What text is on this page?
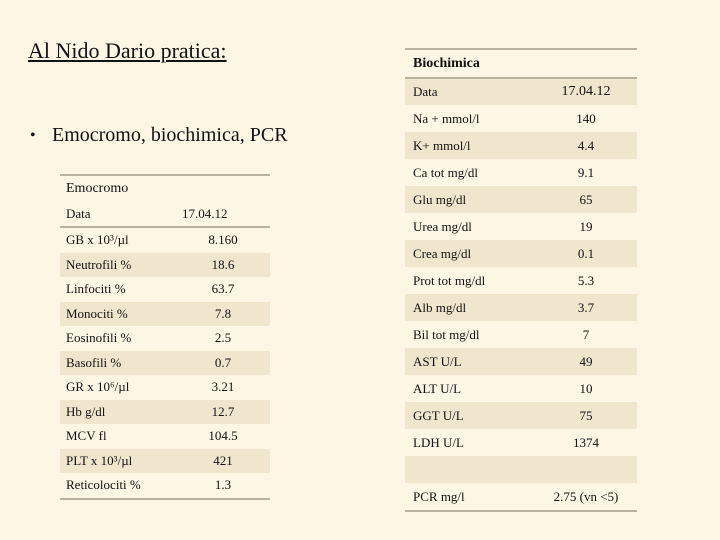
Al Nido Dario pratica:
• Emocromo, biochimica, PCR
Emocromo	
Data	17.04.12
GB x 10³/µl	8.160
Neutrofili %	18.6
Linfociti %	63.7
Monociti %	7.8
Eosinofili %	2.5
Basofili %	0.7
GR x 10⁶/µl	3.21
Hb g/dl	12.7
MCV fl	104.5
PLT x 10³/µl	421
Reticolociti %	1.3
Biochimica	
Data	17.04.12
Na + mmol/l	140
K+ mmol/l	4.4
Ca tot mg/dl	9.1
Glu mg/dl	65
Urea mg/dl	19
Crea mg/dl	0.1
Prot tot mg/dl	5.3
Alb mg/dl	3.7
Bil tot mg/dl	7
AST U/L	49
ALT U/L	10
GGT U/L	75
LDH U/L	1374

PCR mg/l	2.75 (vn <5)
